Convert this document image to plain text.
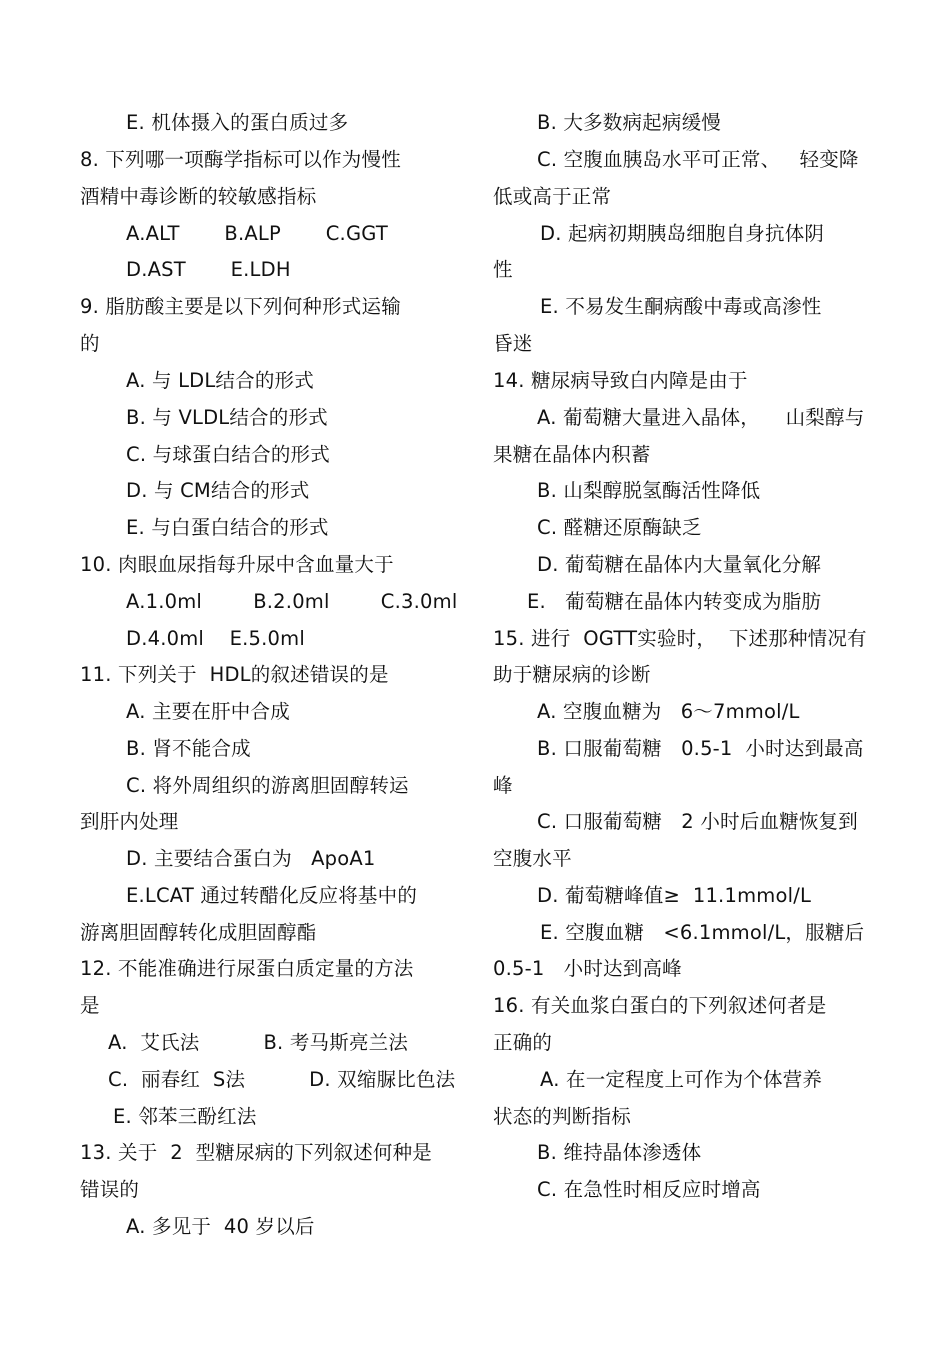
E. 机体摄入的蛋白质过多
8. 下列哪一项酶学指标可以作为慢性
酒精中毒诊断的较敏感指标
A.ALT       B.ALP       C.GGT
D.AST       E.LDH
9. 脂肪酸主要是以下列何种形式运输
的
A. 与 LDL结合的形式
B. 与 VLDL结合的形式
C. 与球蛋白结合的形式
D. 与 CM结合的形式
E. 与白蛋白结合的形式
10. 肉眼血尿指每升尿中含血量大于
A.1.0ml        B.2.0ml        C.3.0ml
D.4.0ml    E.5.0ml
11. 下列关于  HDL的叙述错误的是
A. 主要在肝中合成
B. 肾不能合成
C. 将外周组织的游离胆固醇转运
到肝内处理
D. 主要结合蛋白为   ApoA1
E.LCAT 通过转醋化反应将基中的
游离胆固醇转化成胆固醇酯
12. 不能准确进行尿蛋白质定量的方法
是
A.  艾氏法          B. 考马斯亮兰法
C.  丽春红  S法          D. 双缩脲比色法
E. 邻苯三酚红法
13. 关于  2  型糖尿病的下列叙述何种是
错误的
A. 多见于  40 岁以后
B. 大多数病起病缓慢
C. 空腹血胰岛水平可正常、   轻变降
低或高于正常
D. 起病初期胰岛细胞自身抗体阴
性
E. 不易发生酮病酸中毒或高渗性
昏迷
14. 糖尿病导致白内障是由于
A. 葡萄糖大量进入晶体，    山梨醇与
果糖在晶体内积蓄
B. 山梨醇脱氢酶活性降低
C. 醛糖还原酶缺乏
D. 葡萄糖在晶体内大量氧化分解
E.   葡萄糖在晶体内转变成为脂肪
15. 进行  OGTT实验时，  下述那种情况有
助于糖尿病的诊断
A. 空腹血糖为   6～7mmol/L
B. 口服葡萄糖   0.5-1  小时达到最高
峰
C. 口服葡萄糖   2 小时后血糖恢复到
空腹水平
D. 葡萄糖峰值≥  11.1mmol/L
E. 空腹血糖   <6.1mmol/L，服糖后
0.5-1   小时达到高峰
16. 有关血浆白蛋白的下列叙述何者是
正确的
A. 在一定程度上可作为个体营养
状态的判断指标
B. 维持晶体渗透体
C. 在急性时相反应时增高
